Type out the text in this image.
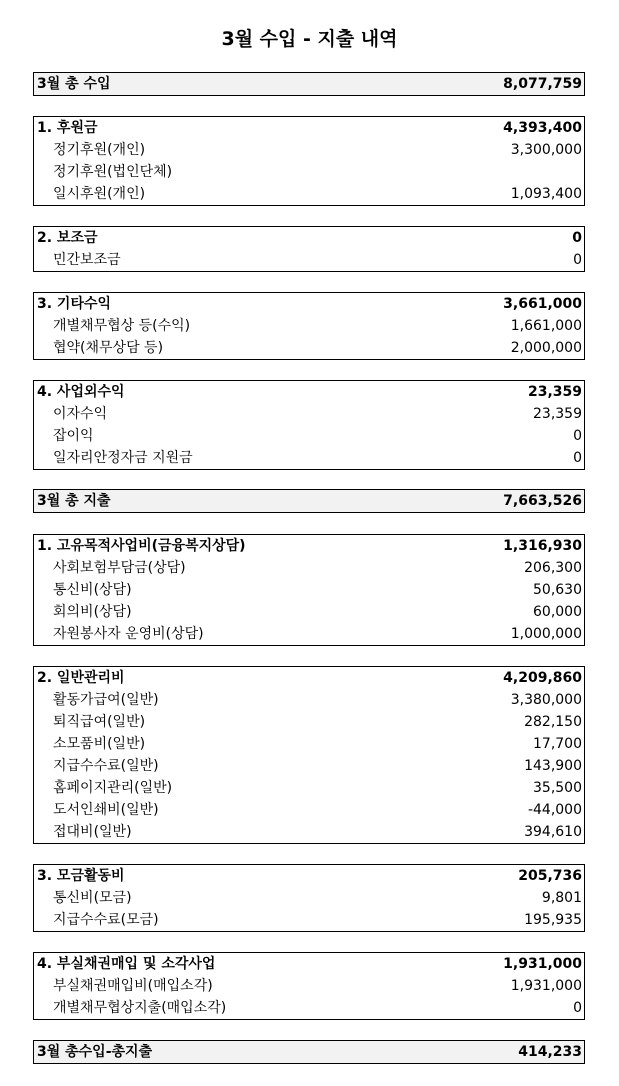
3월 수입 - 지출 내역
3월 총 수입	8,077,759
1. 후원금	4,393,400
정기후원(개인)	3,300,000
정기후원(법인단체)
일시후원(개인)	1,093,400
2. 보조금	0
민간보조금	0
3. 기타수익	3,661,000
개별채무협상 등(수익)	1,661,000
협약(채무상담 등)	2,000,000
4. 사업외수익	23,359
이자수익	23,359
잡이익	0
일자리안정자금 지원금	0
3월 총 지출	7,663,526
1. 고유목적사업비(금융복지상담)	1,316,930
사회보험부담금(상담)	206,300
통신비(상담)	50,630
회의비(상담)	60,000
자원봉사자 운영비(상담)	1,000,000
2. 일반관리비	4,209,860
활동가급여(일반)	3,380,000
퇴직급여(일반)	282,150
소모품비(일반)	17,700
지급수수료(일반)	143,900
홈페이지관리(일반)	35,500
도서인쇄비(일반)	-44,000
접대비(일반)	394,610
3. 모금활동비	205,736
통신비(모금)	9,801
지급수수료(모금)	195,935
4. 부실채권매입 및 소각사업	1,931,000
부실채권매입비(매입소각)	1,931,000
개별채무협상지출(매입소각)	0
3월 총수입-총지출	414,233
